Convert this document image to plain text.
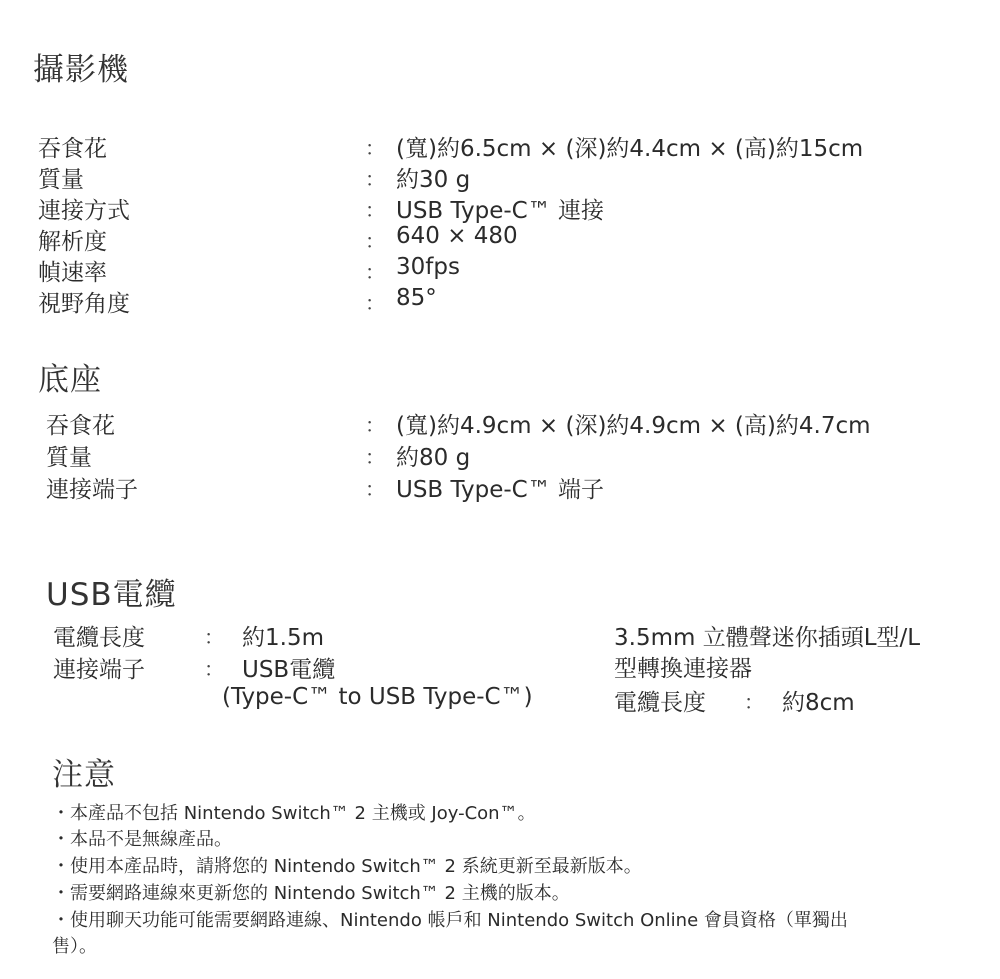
攝影機
吞食花	： (寬)約6.5cm × (深)約4.4cm × (高)約15cm
質量	： 約30 g
連接方式	： USB Type-C™ 連接
解析度	： 640 × 480
幀速率	： 30fps
視野角度	： 85°
底座
吞食花	： (寬)約4.9cm × (深)約4.9cm × (高)約4.7cm
質量	： 約80 g
連接端子	： USB Type-C™ 端子
USB電纜
電纜長度	： 約1.5m
連接端子	： USB電纜
(Type-C™ to USB Type-C™)
3.5mm 立體聲迷你插頭L型/L
型轉換連接器
電纜長度 ： 約8cm
注意
・本產品不包括 Nintendo Switch™ 2 主機或 Joy-Con™。
・本品不是無線產品。
・使用本產品時，請將您的 Nintendo Switch™ 2 系統更新至最新版本。
・需要網路連線來更新您的 Nintendo Switch™ 2 主機的版本。
・使用聊天功能可能需要網路連線、Nintendo 帳戶和 Nintendo Switch Online 會員資格（單獨出
售）。
